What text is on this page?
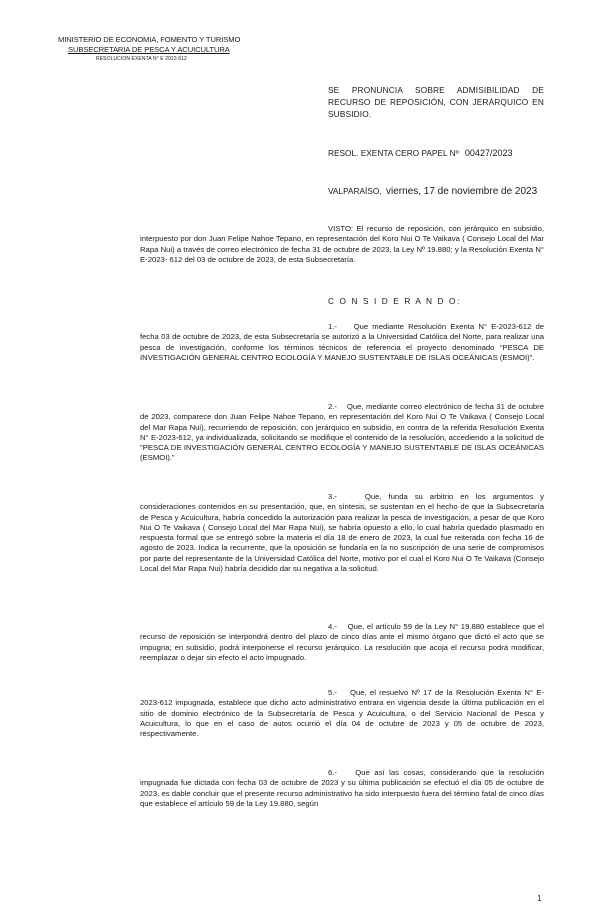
MINISTERIO DE ECONOMIA, FOMENTO Y TURISMO
SUBSECRETARIA DE PESCA Y ACUICULTURA
RESOLUCION EXENTA N° E 2023 612
SE PRONUNCIA SOBRE ADMISIBILIDAD DE RECURSO DE REPOSICIÓN, CON JERÁRQUICO EN SUBSIDIO.
RESOL. EXENTA CERO PAPEL Nº 00427/2023
VALPARAÍSO, viernes, 17 de noviembre de 2023

VISTO: El recurso de reposición, con jerárquico en subsidio, interpuesto por don Juan Felipe Nahoe Tepano, en representación del Koro Nui O Te Vaikava ( Consejo Local del Mar Rapa Nui) a través de correo electrónico de fecha 31 de octubre de 2023, la Ley Nº 19.880; y la Resolución Exenta N° E-2023- 612 del 03 de octubre de 2023, de esta Subsecretaría.

C O N S I D E R A N D O:

1.- Que mediante Resolución Exenta N° E-2023-612 de fecha 03 de octubre de 2023, de esta Subsecretaría se autorizó a la Universidad Católica del Norte, para realizar una pesca de investigación, conforme los términos técnicos de referencia el proyecto denominado “PESCA DE INVESTIGACIÓN GENERAL CENTRO ECOLOGÍA Y MANEJO SUSTENTABLE DE ISLAS OCEÁNICAS (ESMOI)”.

2.- Que, mediante correo electrónico de fecha 31 de octubre de 2023, comparece don Juan Felipe Nahoe Tepano, en representación del Koro Nui O Te Vaikava ( Consejo Local del Mar Rapa Nui), recurriendo de reposición, con jerárquico en subsidio, en contra de la referida Resolución Exenta N° E-2023-612, ya individualizada, solicitando se modifique el contenido de la resolución, accediendo a la solicitud de "PESCA DE INVESTIGACIÓN GENERAL CENTRO ECOLOGÍA Y MANEJO SUSTENTABLE DE ISLAS OCEÁNICAS (ESMOI).”

3.-	Que, funda su arbitrio en los argumentos y consideraciones contenidos en su presentación, que, en síntesis, se sustentan en el hecho de que la Subsecretaría de Pesca y Acuicultura, habría concedido la autorización para realizar la pesca de investigación, a pesar de que Koro Nui O Te Vaikava ( Consejo Local del Mar Rapa Nui), se habría opuesto a ello, lo cual habría quedado plasmado en respuesta formal que se entregó sobre la materia el día 18 de enero de 2023, la cual fue reiterada con fecha 16 de agosto de 2023. Indica la recurrente, que la oposición se fundaría en la no suscripción de una serie de compromisos por parte del representante de la Universidad Católica del Norte, motivo por el cual el Koro Nui O Te Vaikava (Consejo Local del Mar Rapa Nui) habría decidido dar su negativa a la solicitud.

4.- Que, el artículo 59 de la Ley N° 19.880 establece que el recurso de reposición se interpondrá dentro del plazo de cinco días ante el mismo órgano que dictó el acto que se impugna; en subsidio, podrá interponerse el recurso jerárquico. La resolución que acoja el recurso podrá modificar, reemplazar o dejar sin efecto el acto impugnado.

5.- Que, el resuelvo Nº 17 de la Resolución Exenta N° E-2023-612 impugnada, establece que dicho acto administrativo entrara en vigencia desde la última publicación en el sitio de dominio electrónico de la Subsecretaría de Pesca y Acuicultura, o del Servicio Nacional de Pesca y Acuicultura, lo que en el caso de autos ocurrió el día 04 de octubre de 2023 y 05 de octubre de 2023, respectivamente.

6.- Que así las cosas, considerando que la resolución impugnada fue dictada con fecha 03 de octubre de 2023 y su última publicación se efectuó el día 05 de octubre de 2023, es dable concluir que el presente recurso administrativo ha sido interpuesto fuera del término fatal de cinco días que establece el artículo 59 de la Ley 19.880, según

1
